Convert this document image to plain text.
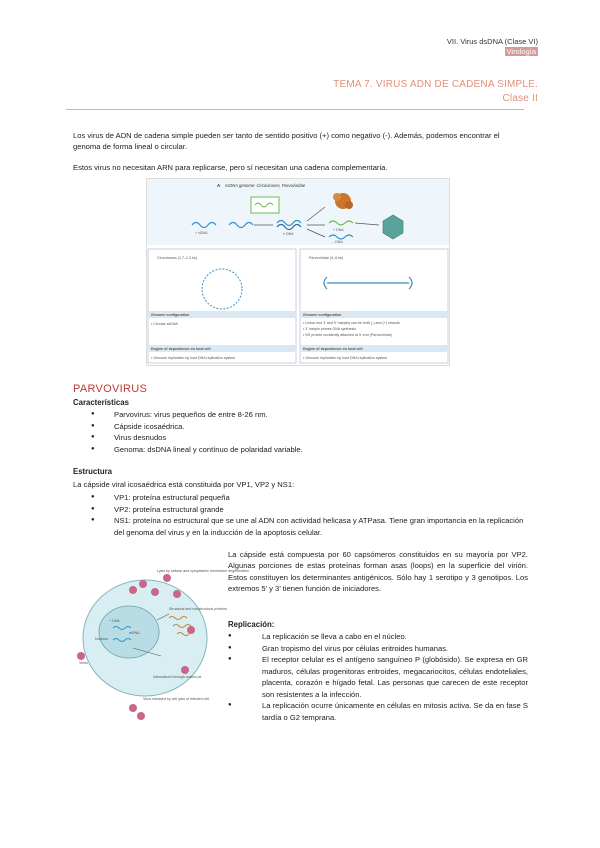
VII. Virus dsDNA (Clase VI)
Virología
TEMA 7. VIRUS ADN DE CADENA SIMPLE.
Clase II
Los virus de ADN de cadena simple pueden ser tanto de sentido positivo (+) como negativo (-). Además, podemos encontrar el genoma de forma lineal o circular.
Estos virus no necesitan ARN para replicarse, pero sí necesitan una cadena complementaria.
A ssDNA genome: Circoviruses, Parvoviridae
+ cDNA	± DNA
+ DNA
- DNA
Circoviruses (1.7–2.3 kb)
Genome configuration
• Circular ssDNA
Degree of dependence on host cell
• Genome replication by host DNA replication system
Parvoviridae (4–6 kb)
Genome configuration
• Linear end 3' and 5' hairpins can be both (-) and (+) strands
• 3' hairpin primes DNA synthesis
• NS protein covalently attached at 5' end (Parvovirinae)
Degree of dependence on host cell
• Genome replication by host DNA replication system
PARVOVIRUS
Características
● Parvovirus: virus pequeños de entre 8-26 nm.
● Cápside icosaédrica.
● Virus desnudos
● Genoma: dsDNA lineal y contínuo de polaridad variable.
Estructura
La cápside viral icosaédrica está constituida por VP1, VP2 y NS1:
● VP1: proteína estructural pequeña
● VP2: proteína estructural grande
● NS1: proteína no estructural que se une al ADN con actividad helicasa y ATPasa. Tiene gran importancia en la replicación del genoma del virus y en la inducción de la apoptosis celular.
+ DNA
mRNA
Nucleus
Structural and nonstructural proteins
Virion
Lysis by cellular and cytoplasmic membrane degeneration
Internalized through coated pit
Virus released by cell lysis of infected cell
La cápside está compuesta por 60 capsómeros constituidos en su mayoría por VP2. Algunas porciones de estas proteínas forman asas (loops) en la superficie del virión. Estos constituyen los determinantes antigénicos. Sólo hay 1 serotipo y 3 genotipos. Los extremos 5’ y 3’ tienen función de iniciadores.
Replicación:
● La replicación se lleva a cabo en el núcleo.
● Gran tropismo del virus por células eritroides humanas.
● El receptor celular es el antígeno sanguíneo P (globósido). Se expresa en GR maduros, células progenitoras eritroides, megacariocitos, células endoteliales, placenta, corazón e hígado fetal. Las personas que carecen de este receptor son resistentes a la infección.
● La replicación ocurre únicamente en células en mitosis activa. Se da en fase S tardía o G2 temprana.
